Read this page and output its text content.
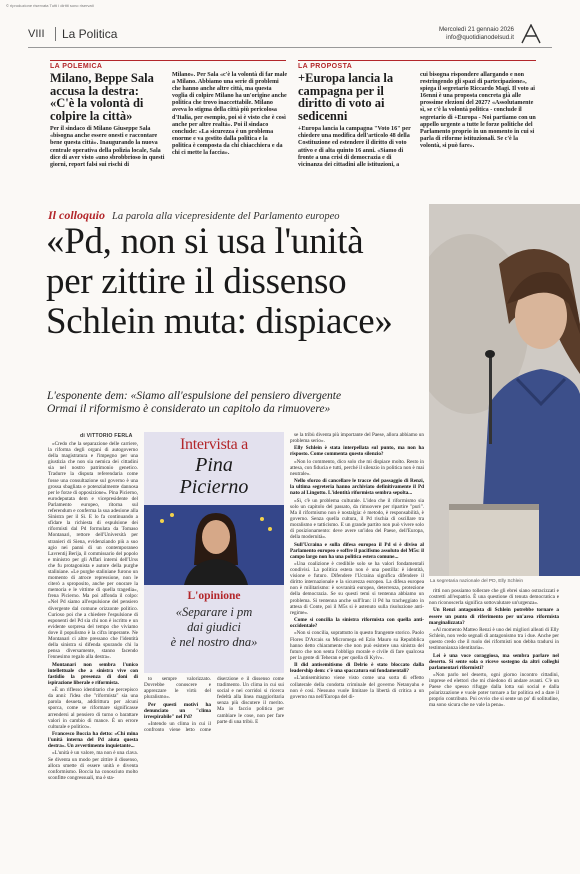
© riproduzione riservata Tutti i diritti sono riservati
VIII La Politica	Mercoledì 21 gennaio 2026
info@quotidianodelsud.it
LA POLEMICA
Milano, Beppe Sala accusa la destra: «C'è la volontà di colpire la città»
Per il sindaco di Milano Giuseppe Sala «bisogna anche essere onesti e raccontare bene questa città». Inaugurando la nuova centrale operativa della polizia locale, Sala dice di aver visto «uno sbrobbrioso in questi giorni, report falsi sui rischi di
Milano». Per Sala «c'è la volontà di far male a Milano. Abbiamo una serie di problemi che hanno anche altre città, ma questa voglia di colpire Milano ha un'origine anche politica che trovo inaccettabile. Milano aveva lo stigma della città più pericolosa d'Italia, per esempio, poi si è visto che è così anche per altre realtà». Poi il sindaco conclude: «La sicurezza è un problema enorme e va gestito dalla politica e la politica è composta da chi chiacchiera e da chi ci mette la faccia».
LA PROPOSTA
+Europa lancia la campagna per il diritto di voto ai sedicenni
+Europa lancia la campagna "Voto 16" per chiedere una modifica dell'articolo 48 della Costituzione ed estendere il diritto di voto attivo e di alta quinto 16 anni. «Siamo di fronte a una crisi di democrazia e di vicinanza dei cittadini alle istituzioni, a
cui bisogna rispondere allargando e non restringendo gli spazi di partecipazione», spiega il segretario Riccardo Magi. Il voto ai 16enni è una proposta concreta già alle prossime elezioni del 2027? «Assolutamente sì, se c'è la volontà politica - conclude il segretario di +Europa - Noi partiamo con un appello urgente a tutte le forze politiche del Parlamento proprio in un momento in cui si parla di riforme istituzionali. Se c'è la volontà, si può fare».
Il colloquio La parola alla vicepresidente del Parlamento europeo
«Pd, non si usa l'unità
per zittire il dissenso
Schlein muta: dispiace»
L'esponente dem: «Siamo all'espulsione del pensiero divergente
Ormai il riformismo è considerato un capitolo da rimuovere»
La segretaria nazionale del PD, Elly Schlein
di VITTORIO FERLA	Intervista a
Pina
Picierno
L'opinione
«Separare i pm
dai giudici
è nel nostro dna»

«Credo che la separazione delle carriere, la riforma degli organi di autogoverno della magistratura e l'impegno per una giustizia che non sia nemica dei cittadini sia nel nostro patrimonio genetico. Tradurre la disputa referendaria come fosse una consultazione sul governo è una grossa sbagliata e potenzialmente dannosa per le forze di opposizione». Pina Picierno, eurodeputata dem e vicepresidente del Parlamento europeo, ritorna sul referendum e conferma la sua adesione alla Sinistra per il Sì. E lo fa continuando a sfidare la richiesta di espulsione dei riformisti dal Pd formulata da Tomaso Montanari, rettore dell'Università per stranieri di Siena, evidenziando più a suo agio nei panni di un contemporaneo Lavrentij Berija, il commissario del popolo e ministro per gli Affari interni dell'Urss che fu protagonista e autore della purghe staliniane. «Le purghe staliniane furono un momento di atroce repressione, non le citerò a sproposito, anche per onorare la memoria e le vittime di quella tragedia», frena Picierno. Ma poi affonda il colpo: «Nel Pd siamo all'espulsione del pensiero divergente dal comune orizzonte politico. Curioso poi che a chiedere l'espulsione di esponenti del Pd sia chi non è iscritto e un evidente sorpresa del tempo che viviamo dove il populismo è la cifra imperante. Ne Montanari ci altre pressano che l'identità della sinistra si difenda spurando chi la pensa diversamente, stanno facendo l'ennesimo regalo alla destra».

Montanari non sembra l'unico intellettuale che a sinistra vive con fastidio la presenza di doni di ispirazione liberale e riformista.

«È un riflesso identitario che percepisco da anni: l'idea che "riformista" sia una parola desueta, addirittura per alcuni sporca, come se riformare significasse arrendersi al pensiero di turno o barattare valori in cambio di mance. È un errore culturale e politico».

Francesco Boccia ha detto: «Chi mina l'unità interna del Pd aiuta questa destra». Un avvertimento inquietante...

«L'unità è un valore, ma non è una clava. Se diventa un modo per zittire il dissenso, allora smette di essere unità e diventa conformismo. Boccia ha conosciuto molto sconfitte congressuali, ma è sta-

to sempre valorizzato. Dovrebbe conoscere e apprezzare le virtù del pluralismo».

Per questi motivi ha denunciato un "clima irrespirabile" nel Pd?

«Intendo un clima in cui il confronto viene letto come diserzione e il dissenso come tradimento. Un clima in cui sui social e nei corridoi si ricerca fedeltà alla linea maggioritaria senza più discutere il merito. Ma io faccio politica per cambiare le cose, non per fare parte di una tribù. E

se la tribù diventa più importante del Paese, allora abbiamo un problema serio».

Elly Schlein è stata interpellata sul punto, ma non ha risposto. Come commenta questo silenzio?

«Non lo commento, dico solo che mi dispiace molto. Resto in attesa, con fiducia e tutti, perché il silenzio in politica non è mai neutrale».

Nello sforzo di cancellare le tracce del passaggio di Renzi, la ultima segreteria hanno archiviato definitivamente il Pd nato al Lingotto. L'identità riformista sembra sepolta...

«Sì, c'è un problema culturale. L'idea che il riformismo sia solo un capitolo del passato, da rimuovere per ripartire "puri". Ma il riformismo non è nostalgia: è metodo, è responsabilità, è governo. Senza quella cultura, il Pd rischia di oscillare tra moralismo e tatticismo. E un grande partito non può vivere solo di posizionamento: deve avere un'idea del Paese, dell'Europa, della modernità».

Sull'Ucraina e sulla difesa europea il Pd si è diviso al Parlamento europeo e soffre il pacifismo assoluto del M5s: il campo largo non ha una politica estera comune...

«Una coalizione è credibile solo se ha valori fondamentali condivisi. La politica estera non è una postilla: è identità, visione e futuro. Difendere l'Ucraina significa difendere il diritto internazionale e la sicurezza europea. La difesa europea non è militarismo: è sovranità europea, deterrenza, protezione della democrazia. Se su questi temi si tentenna abbiamo un problema. Si tentenna anche sull'Iran: il Pd ha tracheggiato in attesa di Conte, poi il M5s si è astenuto sulla risoluzione anti-regime».

Come si concilia la sinistra riformista con quella anti-occidentale?

«Non si concilia, soprattutto in questo frangente storico. Paolo Flores D'Arcais su Micromega ed Ezio Mauro su Repubblica hanno detto chiaramente che non può esistere una sinistra del futuro che non senta l'obbligo morale e civile di fare qualcosa per la gente di Teheran e per quella di Kyiv».

Il did antisemitismo di Delrio è stato bloccato dalla leadership dem: c'è una spaccatura sui fondamentali?

«L'antisemitismo viene visto come una sorta di effetto collaterale della condotta criminale del governo Netanyahu e non è così. Nessuno vuole limitare la libertà di critica a un governo ma nell'Europa del di-

ritti non possiamo tollerare che gli ebrei siano ostracizzati e costretti all'espatrio. È una questione di tenuta democratica e non riconoscerla significa sottovalutare un'urgenza».

Un Renzi antagonista di Schlein potrebbe tornare a essere un punto di riferimento per un'area riformista marginalizzata?

«Al momento Matteo Renzi è uno dei migliori alleati di Elly Schlein, non vedo segnali di antagonismo tra i due. Anche per questo credo che il ruolo dei riformisti non debba tradursi in testimonianza identitaria».

Lei è una voce coraggiosa, ma sembra parlare nel deserto. Si sente sola o riceve sostegno da altri colleghi parlamentari riformisti?

«Non parlo nel deserto, ogni giorno incontro cittadini, imprese ed elettori che mi chiedono di andare avanti. C'è un Paese che spesso rifugge dalla lotta sui social e dalla polarizzazione e vuole poter tornare a far politica ed a dare il proprio contributo. Poi ovvio che si sente un po' di solitudine, ma sono sicura che ne vale la pena».
